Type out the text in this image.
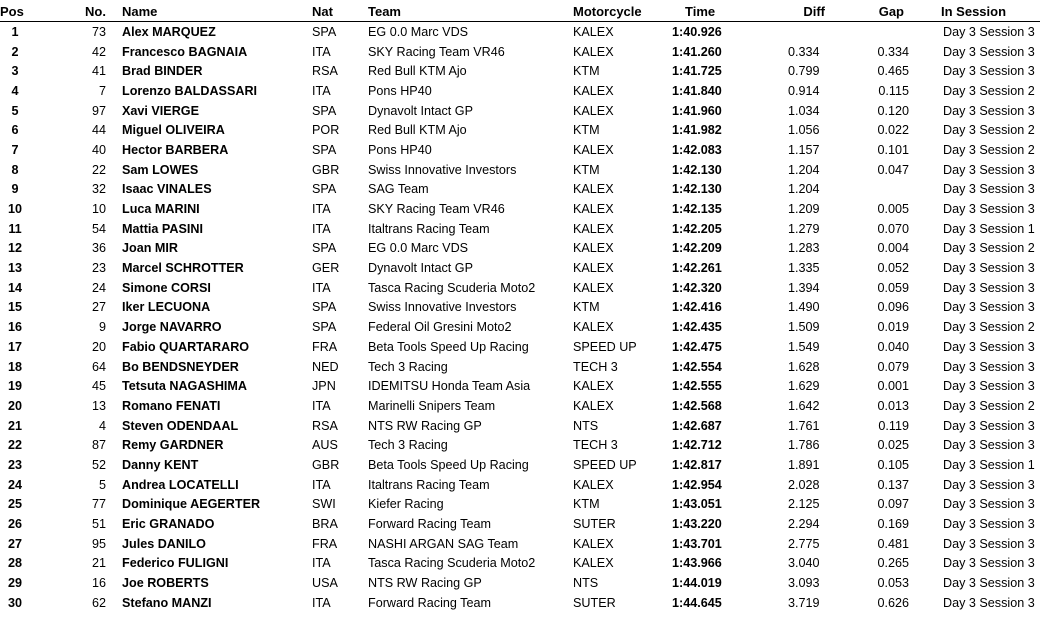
Pos	No.	Name	Nat	Team	Motorcycle	Time	Diff	Gap	In Session
1	73	Alex MARQUEZ	SPA	EG 0.0 Marc VDS	KALEX	1:40.926			Day 3 Session 3
2	42	Francesco BAGNAIA	ITA	SKY Racing Team VR46	KALEX	1:41.260	0.334	0.334	Day 3 Session 3
3	41	Brad BINDER	RSA	Red Bull KTM Ajo	KTM	1:41.725	0.799	0.465	Day 3 Session 3
4	7	Lorenzo BALDASSARI	ITA	Pons HP40	KALEX	1:41.840	0.914	0.115	Day 3 Session 2
5	97	Xavi VIERGE	SPA	Dynavolt Intact GP	KALEX	1:41.960	1.034	0.120	Day 3 Session 3
6	44	Miguel OLIVEIRA	POR	Red Bull KTM Ajo	KTM	1:41.982	1.056	0.022	Day 3 Session 2
7	40	Hector BARBERA	SPA	Pons HP40	KALEX	1:42.083	1.157	0.101	Day 3 Session 2
8	22	Sam LOWES	GBR	Swiss Innovative Investors	KTM	1:42.130	1.204	0.047	Day 3 Session 3
9	32	Isaac VINALES	SPA	SAG Team	KALEX	1:42.130	1.204		Day 3 Session 3
10	10	Luca MARINI	ITA	SKY Racing Team VR46	KALEX	1:42.135	1.209	0.005	Day 3 Session 3
11	54	Mattia PASINI	ITA	Italtrans Racing Team	KALEX	1:42.205	1.279	0.070	Day 3 Session 1
12	36	Joan MIR	SPA	EG 0.0 Marc VDS	KALEX	1:42.209	1.283	0.004	Day 3 Session 2
13	23	Marcel SCHROTTER	GER	Dynavolt Intact GP	KALEX	1:42.261	1.335	0.052	Day 3 Session 3
14	24	Simone CORSI	ITA	Tasca Racing Scuderia Moto2	KALEX	1:42.320	1.394	0.059	Day 3 Session 3
15	27	Iker LECUONA	SPA	Swiss Innovative Investors	KTM	1:42.416	1.490	0.096	Day 3 Session 3
16	9	Jorge NAVARRO	SPA	Federal Oil Gresini Moto2	KALEX	1:42.435	1.509	0.019	Day 3 Session 2
17	20	Fabio QUARTARARO	FRA	Beta Tools Speed Up Racing	SPEED UP	1:42.475	1.549	0.040	Day 3 Session 3
18	64	Bo BENDSNEYDER	NED	Tech 3 Racing	TECH 3	1:42.554	1.628	0.079	Day 3 Session 3
19	45	Tetsuta NAGASHIMA	JPN	IDEMITSU Honda Team Asia	KALEX	1:42.555	1.629	0.001	Day 3 Session 3
20	13	Romano FENATI	ITA	Marinelli Snipers Team	KALEX	1:42.568	1.642	0.013	Day 3 Session 2
21	4	Steven ODENDAAL	RSA	NTS RW Racing GP	NTS	1:42.687	1.761	0.119	Day 3 Session 3
22	87	Remy GARDNER	AUS	Tech 3 Racing	TECH 3	1:42.712	1.786	0.025	Day 3 Session 3
23	52	Danny KENT	GBR	Beta Tools Speed Up Racing	SPEED UP	1:42.817	1.891	0.105	Day 3 Session 1
24	5	Andrea LOCATELLI	ITA	Italtrans Racing Team	KALEX	1:42.954	2.028	0.137	Day 3 Session 3
25	77	Dominique AEGERTER	SWI	Kiefer Racing	KTM	1:43.051	2.125	0.097	Day 3 Session 3
26	51	Eric GRANADO	BRA	Forward Racing Team	SUTER	1:43.220	2.294	0.169	Day 3 Session 3
27	95	Jules DANILO	FRA	NASHI ARGAN SAG Team	KALEX	1:43.701	2.775	0.481	Day 3 Session 3
28	21	Federico FULIGNI	ITA	Tasca Racing Scuderia Moto2	KALEX	1:43.966	3.040	0.265	Day 3 Session 3
29	16	Joe ROBERTS	USA	NTS RW Racing GP	NTS	1:44.019	3.093	0.053	Day 3 Session 3
30	62	Stefano MANZI	ITA	Forward Racing Team	SUTER	1:44.645	3.719	0.626	Day 3 Session 3
